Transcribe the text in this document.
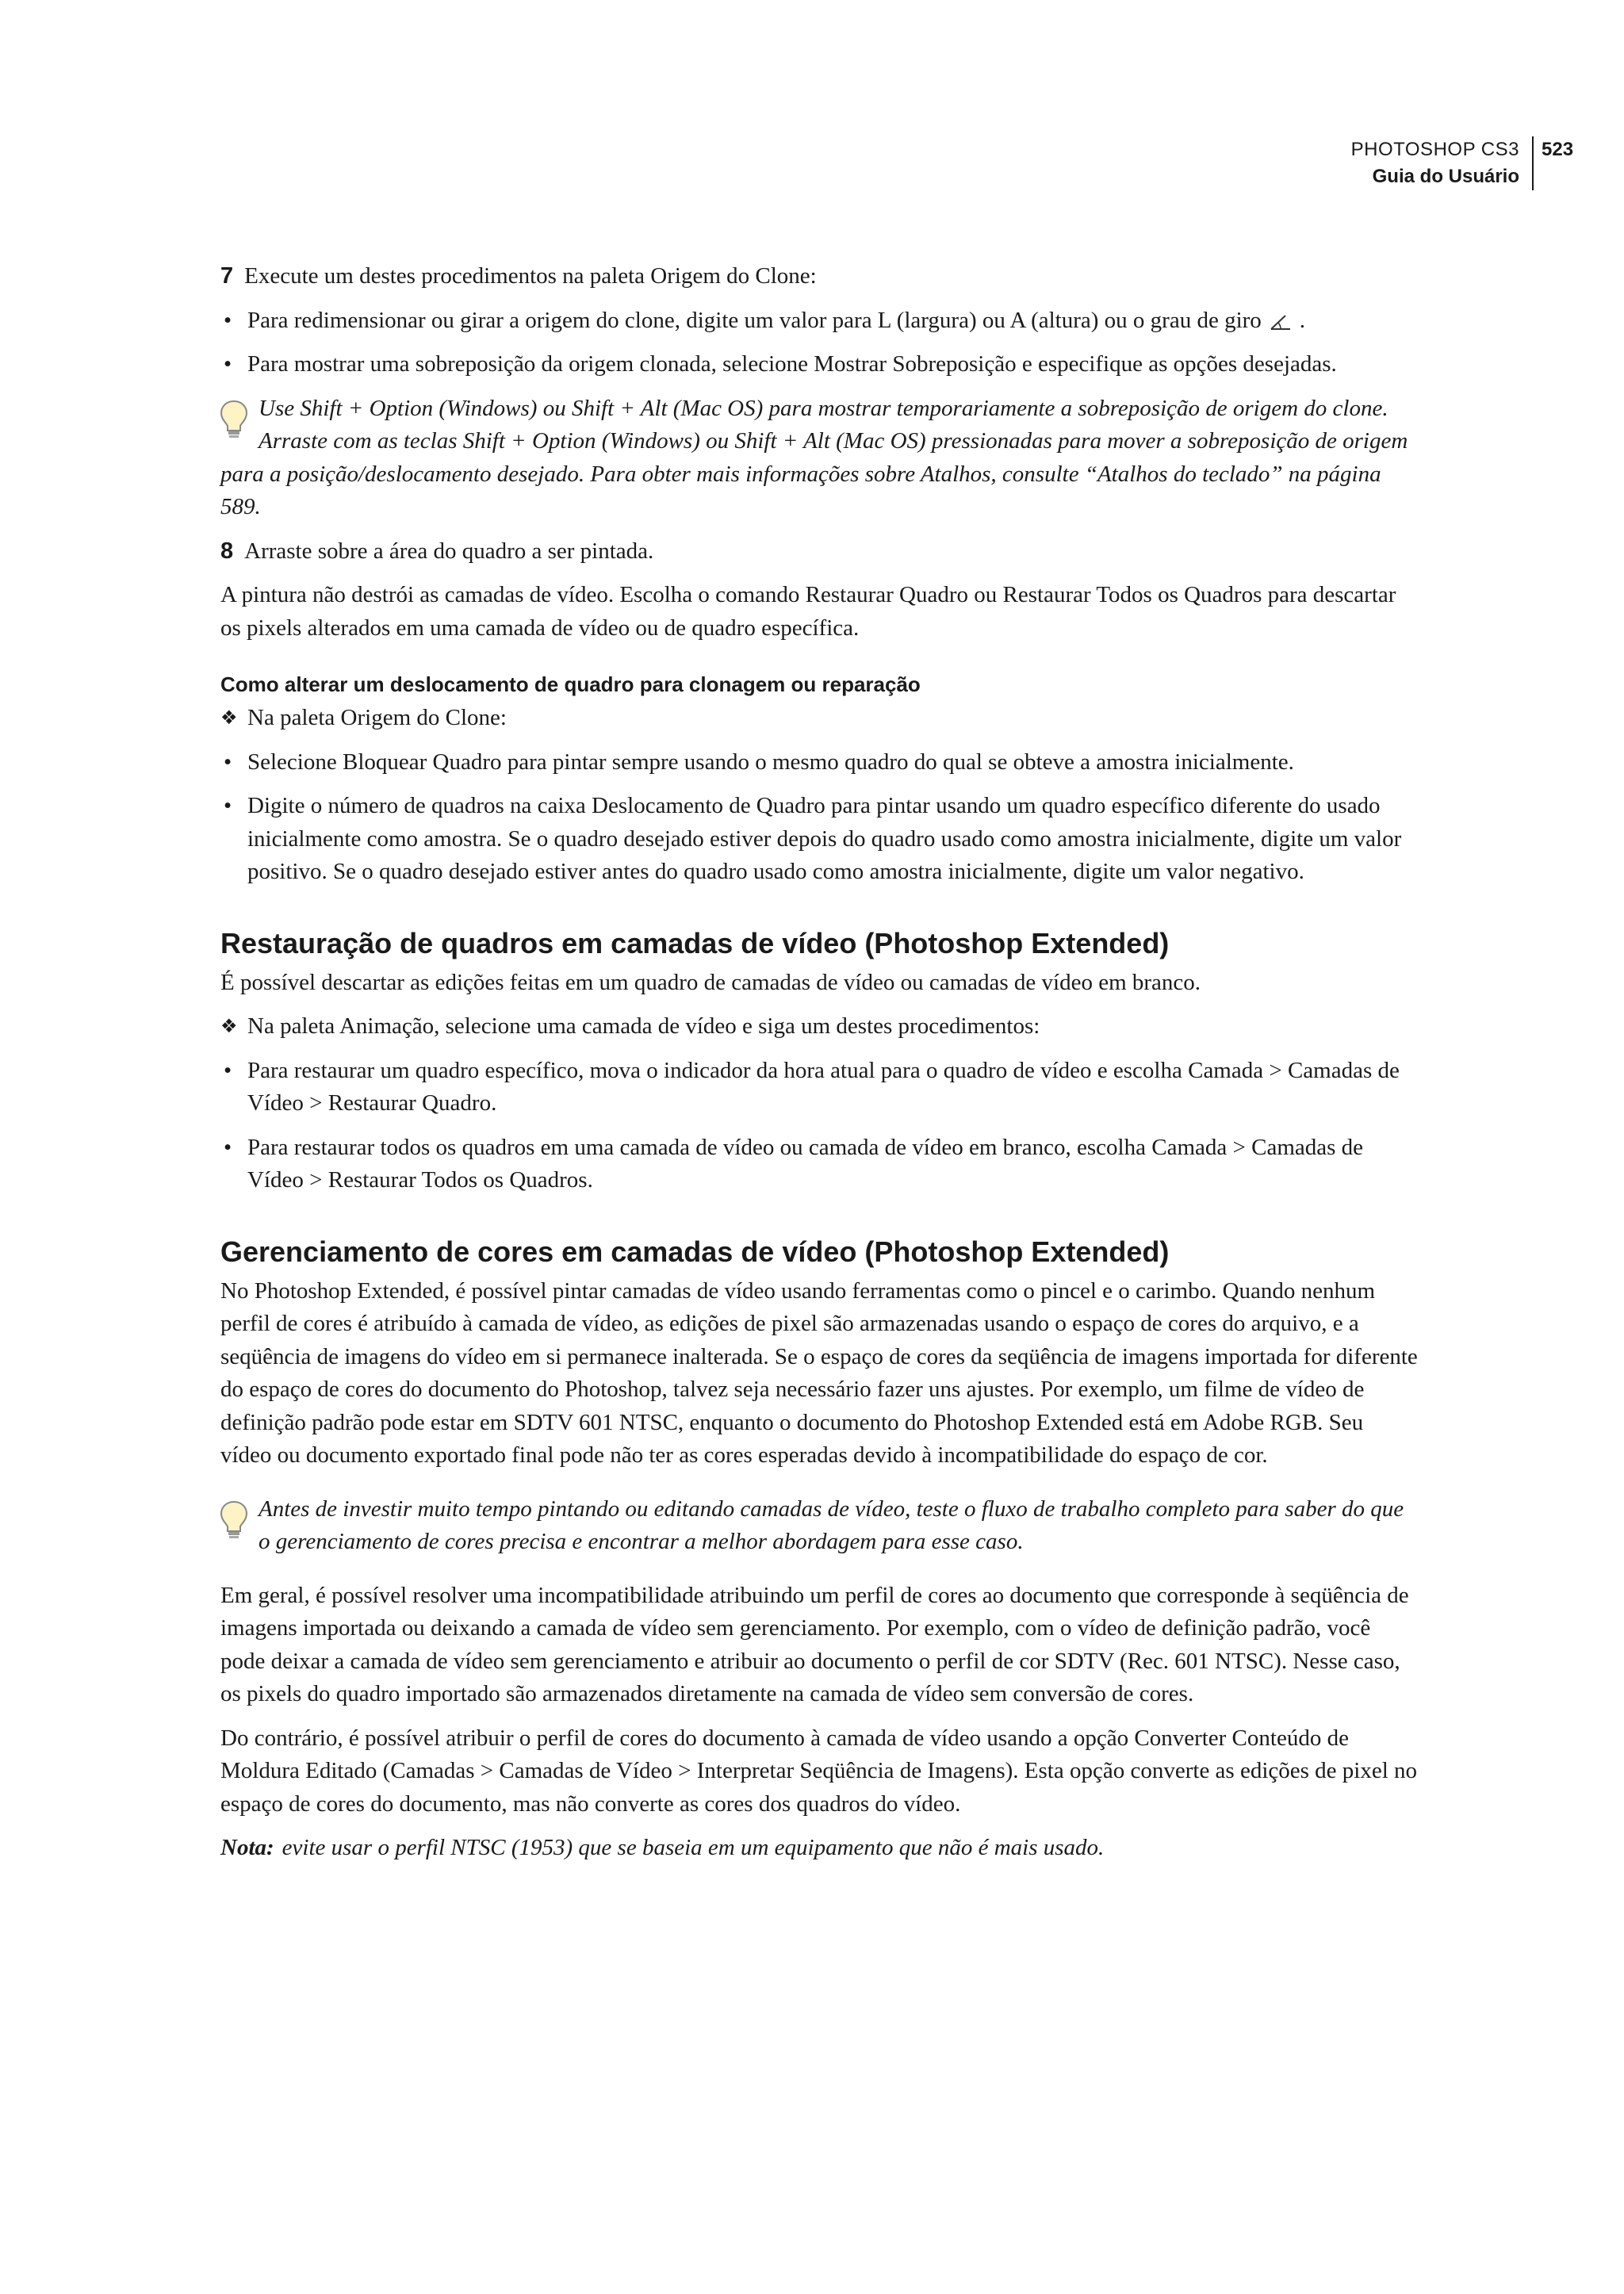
PHOTOSHOP CS3
Guia do Usuário
523

7 Execute um destes procedimentos na paleta Origem do Clone:

• Para redimensionar ou girar a origem do clone, digite um valor para L (largura) ou A (altura) ou o grau de giro .

• Para mostrar uma sobreposição da origem clonada, selecione Mostrar Sobreposição e especifique as opções desejadas.

Use Shift + Option (Windows) ou Shift + Alt (Mac OS) para mostrar temporariamente a sobreposição de origem do clone.
Arraste com as teclas Shift + Option (Windows) ou Shift + Alt (Mac OS) pressionadas para mover a sobreposição de origem para a posição/deslocamento desejado. Para obter mais informações sobre Atalhos, consulte “Atalhos do teclado” na página 589.

8 Arraste sobre a área do quadro a ser pintada.

A pintura não destrói as camadas de vídeo. Escolha o comando Restaurar Quadro ou Restaurar Todos os Quadros para descartar os pixels alterados em uma camada de vídeo ou de quadro específica.

Como alterar um deslocamento de quadro para clonagem ou reparação

❖ Na paleta Origem do Clone:

• Selecione Bloquear Quadro para pintar sempre usando o mesmo quadro do qual se obteve a amostra inicialmente.

• Digite o número de quadros na caixa Deslocamento de Quadro para pintar usando um quadro específico diferente do usado inicialmente como amostra. Se o quadro desejado estiver depois do quadro usado como amostra inicialmente, digite um valor positivo. Se o quadro desejado estiver antes do quadro usado como amostra inicialmente, digite um valor negativo.

Restauração de quadros em camadas de vídeo (Photoshop Extended)

É possível descartar as edições feitas em um quadro de camadas de vídeo ou camadas de vídeo em branco.

❖ Na paleta Animação, selecione uma camada de vídeo e siga um destes procedimentos:

• Para restaurar um quadro específico, mova o indicador da hora atual para o quadro de vídeo e escolha Camada > Camadas de Vídeo > Restaurar Quadro.

• Para restaurar todos os quadros em uma camada de vídeo ou camada de vídeo em branco, escolha Camada > Camadas de Vídeo > Restaurar Todos os Quadros.

Gerenciamento de cores em camadas de vídeo (Photoshop Extended)

No Photoshop Extended, é possível pintar camadas de vídeo usando ferramentas como o pincel e o carimbo. Quando nenhum perfil de cores é atribuído à camada de vídeo, as edições de pixel são armazenadas usando o espaço de cores do arquivo, e a seqüência de imagens do vídeo em si permanece inalterada. Se o espaço de cores da seqüência de imagens importada for diferente do espaço de cores do documento do Photoshop, talvez seja necessário fazer uns ajustes. Por exemplo, um filme de vídeo de definição padrão pode estar em SDTV 601 NTSC, enquanto o documento do Photoshop Extended está em Adobe RGB. Seu vídeo ou documento exportado final pode não ter as cores esperadas devido à incompatibilidade do espaço de cor.

Antes de investir muito tempo pintando ou editando camadas de vídeo, teste o fluxo de trabalho completo para saber do que o gerenciamento de cores precisa e encontrar a melhor abordagem para esse caso.

Em geral, é possível resolver uma incompatibilidade atribuindo um perfil de cores ao documento que corresponde à seqüência de imagens importada ou deixando a camada de vídeo sem gerenciamento. Por exemplo, com o vídeo de definição padrão, você pode deixar a camada de vídeo sem gerenciamento e atribuir ao documento o perfil de cor SDTV (Rec. 601 NTSC). Nesse caso, os pixels do quadro importado são armazenados diretamente na camada de vídeo sem conversão de cores.

Do contrário, é possível atribuir o perfil de cores do documento à camada de vídeo usando a opção Converter Conteúdo de Moldura Editado (Camadas > Camadas de Vídeo > Interpretar Seqüência de Imagens). Esta opção converte as edições de pixel no espaço de cores do documento, mas não converte as cores dos quadros do vídeo.

Nota: evite usar o perfil NTSC (1953) que se baseia em um equipamento que não é mais usado.
